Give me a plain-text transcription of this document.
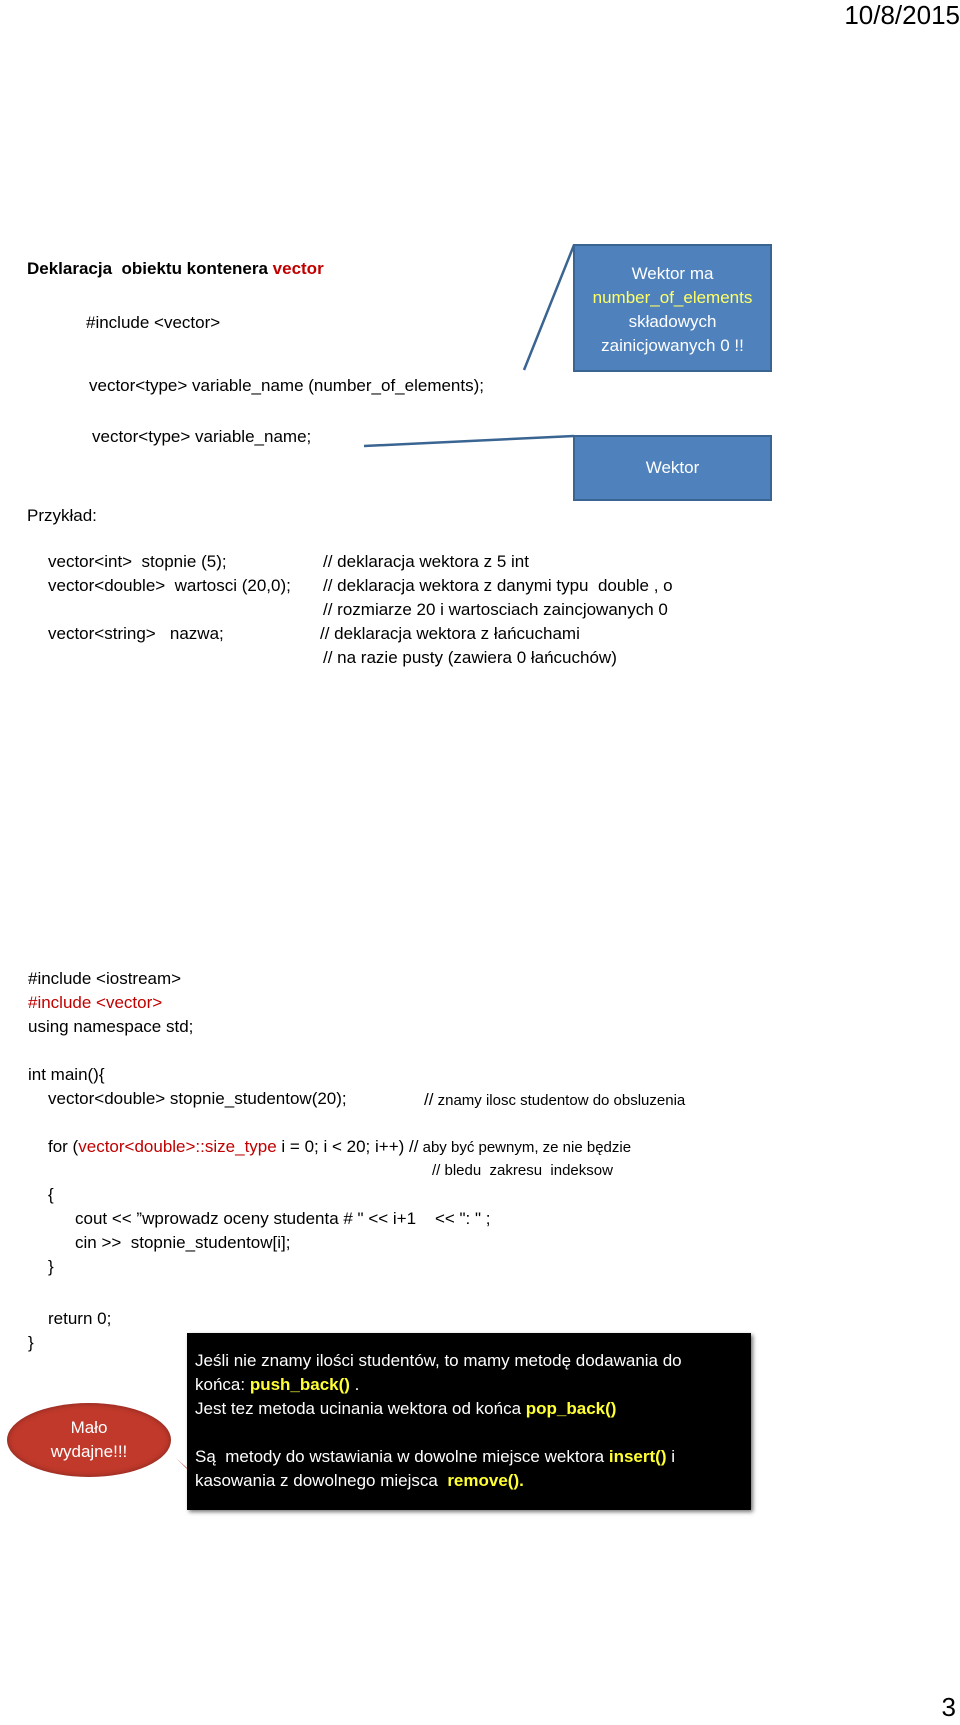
10/8/2015
3
Deklaracja  obiektu kontenera vector
#include <vector>
vector<type> variable_name (number_of_elements);
vector<type> variable_name;
Wektor ma
number_of_elements
składowych
zainicjowanych 0 !!
Wektor
Przykład:
vector<int>  stopnie (5);	// deklaracja wektora z 5 int
vector<double>  wartosci (20,0); // deklaracja wektora z danymi typu  double , o
// rozmiarze 20 i wartosciach zaincjowanych 0
vector<string>   nazwa;	// deklaracja wektora z łańcuchami
// na razie pusty (zawiera 0 łańcuchów)
#include <iostream>
#include <vector>
using namespace std;
int main(){
vector<double> stopnie_studentow(20);	// znamy ilosc studentow do obsluzenia
for (vector<double>::size_type i = 0; i < 20; i++) // aby być pewnym, ze nie będzie
// bledu  zakresu  indeksow
{
cout << ”wprowadz oceny studenta # " << i+1    << ": " ;
cin >>  stopnie_studentow[i];
}
return 0;
}

Jeśli nie znamy ilości studentów, to mamy metodę dodawania do

końca: push_back() .

Jest tez metoda ucinania wektora od końca pop_back()

Są  metody do wstawiania w dowolne miejsce wektora insert() i

kasowania z dowolnego miejsca  remove().

Mało
wydajne!!!
